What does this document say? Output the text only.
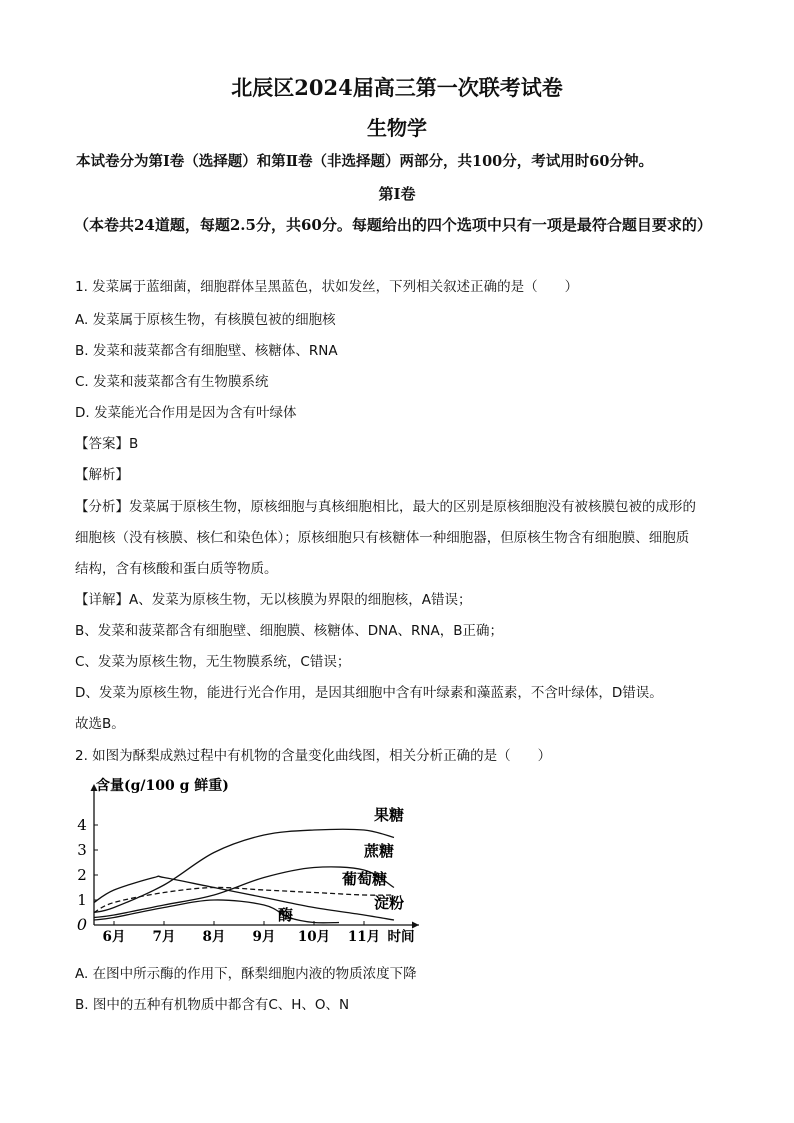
北辰区2024届高三第一次联考试卷
生物学
本试卷分为第Ⅰ卷（选择题）和第Ⅱ卷（非选择题）两部分，共100分，考试用时60分钟。
第Ⅰ卷
（本卷共24道题，每题2.5分，共60分。每题给出的四个选项中只有一项是最符合题目要求的）
1. 发菜属于蓝细菌，细胞群体呈黑蓝色，状如发丝，下列相关叙述正确的是（　　）
A. 发菜属于原核生物，有核膜包被的细胞核
B. 发菜和菠菜都含有细胞壁、核糖体、RNA
C. 发菜和菠菜都含有生物膜系统
D. 发菜能光合作用是因为含有叶绿体
【答案】B
【解析】
【分析】发菜属于原核生物，原核细胞与真核细胞相比，最大的区别是原核细胞没有被核膜包被的成形的
细胞核（没有核膜、核仁和染色体）；原核细胞只有核糖体一种细胞器，但原核生物含有细胞膜、细胞质
结构，含有核酸和蛋白质等物质。
【详解】A、发菜为原核生物，无以核膜为界限的细胞核，A错误；
B、发菜和菠菜都含有细胞壁、细胞膜、核糖体、DNA、RNA，B正确；
C、发菜为原核生物，无生物膜系统，C错误；
D、发菜为原核生物，能进行光合作用，是因其细胞中含有叶绿素和藻蓝素，不含叶绿体，D错误。
故选B。
2. 如图为酥梨成熟过程中有机物的含量变化曲线图，相关分析正确的是（　　）
1
2
3
4
0
6月 7月 8月 9月 10月 11月 时间
含量(g/100 g 鲜重)
果糖
蔗糖
葡萄糖
淀粉
酶
A. 在图中所示酶的作用下，酥梨细胞内液的物质浓度下降
B. 图中的五种有机物质中都含有C、H、O、N
